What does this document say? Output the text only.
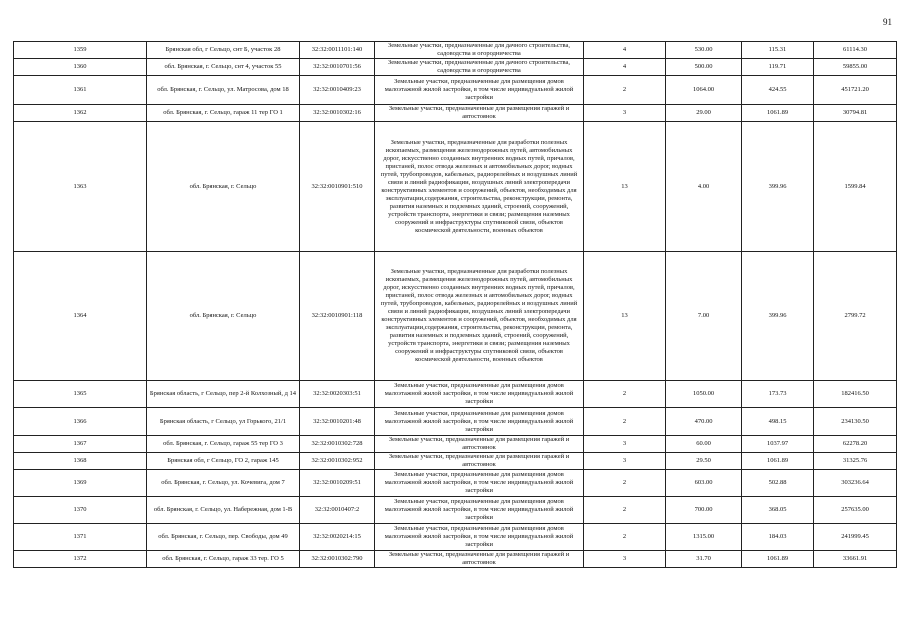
91
1359	Брянская обл, г Сельцо, снт Б, участок 28	32:32:0011101:140	Земельные участки, предназначенные для дачного строительства, садоводства и огородничества	4	530.00	115.31	61114.30
1360	обл. Брянская, г. Сельцо, снт 4, участок 55	32:32:0010701:56	Земельные участки, предназначенные для дачного строительства, садоводства и огородничества	4	500.00	119.71	59855.00
1361	обл. Брянская, г. Сельцо, ул. Матросова, дом 18	32:32:0010409:23	Земельные участки, предназначенные для размещения домов малоэтажной жилой застройки, в том числе индивидуальной жилой застройки	2	1064.00	424.55	451721.20
1362	обл. Брянская, г. Сельцо, гараж 11 тер ГО 1	32:32:0010302:16	Земельные участки, предназначенные для размещения гаражей и автостоянок	3	29.00	1061.89	30794.81
1363	обл. Брянская, г. Сельцо	32:32:0010901:510	Земельные участки, предназначенные для разработки полезных ископаемых, размещения железнодорожных путей, автомобильных дорог, искусственно созданных внутренних водных путей, причалов, пристаней, полос отвода железных и автомобильных дорог, водных путей, трубопроводов, кабельных, радиорелейных и воздушных линий связи и линий радиофикации, воздушных линий электропередачи конструктивных элементов и сооружений, объектов, необходимых для эксплуатации,содержания, строительства, реконструкции, ремонта, развития наземных и подземных зданий, строений, сооружений, устройств транспорта, энергетики и связи; размещения наземных сооружений и инфраструктуры спутниковой связи, объектов космической деятельности, военных объектов	13	4.00	399.96	1599.84
1364	обл. Брянская, г. Сельцо	32:32:0010901:118	Земельные участки, предназначенные для разработки полезных ископаемых, размещения железнодорожных путей, автомобильных дорог, искусственно созданных внутренних водных путей, причалов, пристаней, полос отвода железных и автомобильных дорог, водных путей, трубопроводов, кабельных, радиорелейных и воздушных линий связи и линий радиофикации, воздушных линий электропередачи конструктивных элементов и сооружений, объектов, необходимых для эксплуатации,содержания, строительства, реконструкции, ремонта, развития наземных и подземных зданий, строений, сооружений, устройств транспорта, энергетики и связи; размещения наземных сооружений и инфраструктуры спутниковой связи, объектов космической деятельности, военных объектов	13	7.00	399.96	2799.72
1365	Брянская область, г Сельцо, пер 2-й Колхозный, д 14	32:32:0020303:51	Земельные участки, предназначенные для размещения домов малоэтажной жилой застройки, в том числе индивидуальной жилой застройки	2	1050.00	173.73	182416.50
1366	Брянская область, г Сельцо, ул Горького, 21/1	32:32:0010201:48	Земельные участки, предназначенные для размещения домов малоэтажной жилой застройки, в том числе индивидуальной жилой застройки	2	470.00	498.15	234130.50
1367	обл. Брянская, г. Сельцо, гараж 55 тер ГО 3	32:32:0010302:728	Земельные участки, предназначенные для размещения гаражей и автостоянок	3	60.00	1037.97	62278.20
1368	Брянская обл, г Сельцо, ГО 2, гараж 145	32:32:0010302:952	Земельные участки, предназначенные для размещения гаражей и автостоянок	3	29.50	1061.89	31325.76
1369	обл. Брянская, г. Сельцо, ул. Кочевига, дом 7	32:32:0010209:51	Земельные участки, предназначенные для размещения домов малоэтажной жилой застройки, в том числе индивидуальной жилой застройки	2	603.00	502.88	303236.64
1370	обл. Брянская, г. Сельцо, ул. Набережная, дом 1-В	32:32:0010407:2	Земельные участки, предназначенные для размещения домов малоэтажной жилой застройки, в том числе индивидуальной жилой застройки	2	700.00	368.05	257635.00
1371	обл. Брянская, г. Сельцо, пер. Свободы, дом 49	32:32:0020214:15	Земельные участки, предназначенные для размещения домов малоэтажной жилой застройки, в том числе индивидуальной жилой застройки	2	1315.00	184.03	241999.45
1372	обл. Брянская, г. Сельцо, гараж 33 тер. ГО 5	32:32:0010302:790	Земельные участки, предназначенные для размещения гаражей и автостоянок	3	31.70	1061.89	33661.91
